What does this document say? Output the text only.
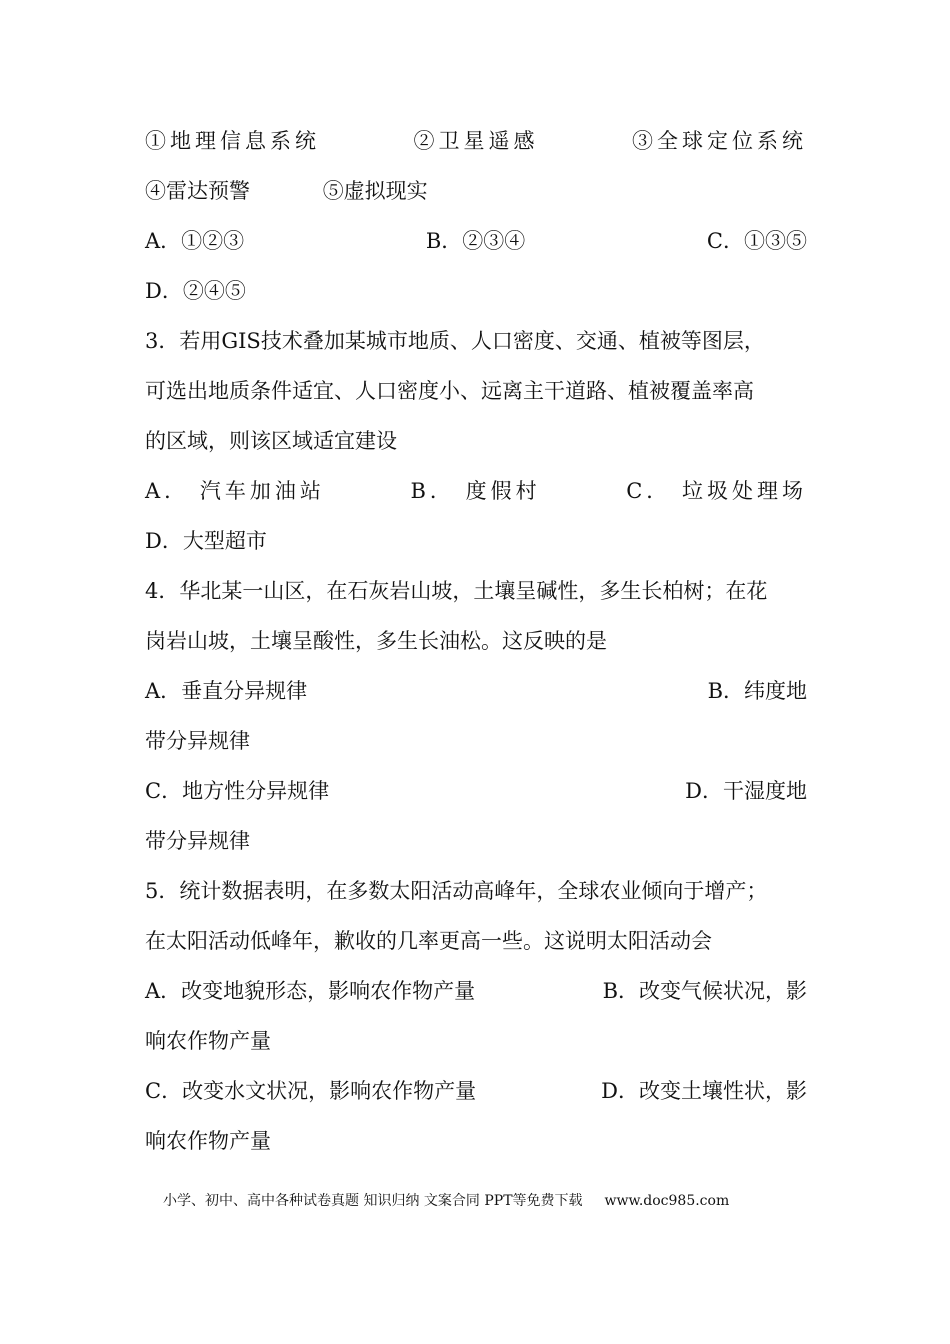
①地理信息系统	②卫星遥感	③全球定位系统
④雷达预警	⑤虚拟现实
A．①②③	B．②③④	C．①③⑤
D．②④⑤
3．若用GIS技术叠加某城市地质、人口密度、交通、植被等图层，
可选出地质条件适宜、人口密度小、远离主干道路、植被覆盖率高
的区域，则该区域适宜建设
A． 汽车加油站	B． 度假村	C． 垃圾处理场
D．大型超市
4．华北某一山区，在石灰岩山坡，土壤呈碱性，多生长柏树；在花
岗岩山坡，土壤呈酸性，多生长油松。这反映的是
A．垂直分异规律	B．纬度地
带分异规律
C．地方性分异规律	D．干湿度地
带分异规律
5．统计数据表明，在多数太阳活动高峰年，全球农业倾向于增产；
在太阳活动低峰年，歉收的几率更高一些。这说明太阳活动会
A．改变地貌形态，影响农作物产量	B．改变气候状况，影
响农作物产量
C．改变水文状况，影响农作物产量	D．改变土壤性状，影
响农作物产量
小学、初中、高中各种试卷真题 知识归纳 文案合同 PPT等免费下载 www.doc985.com
